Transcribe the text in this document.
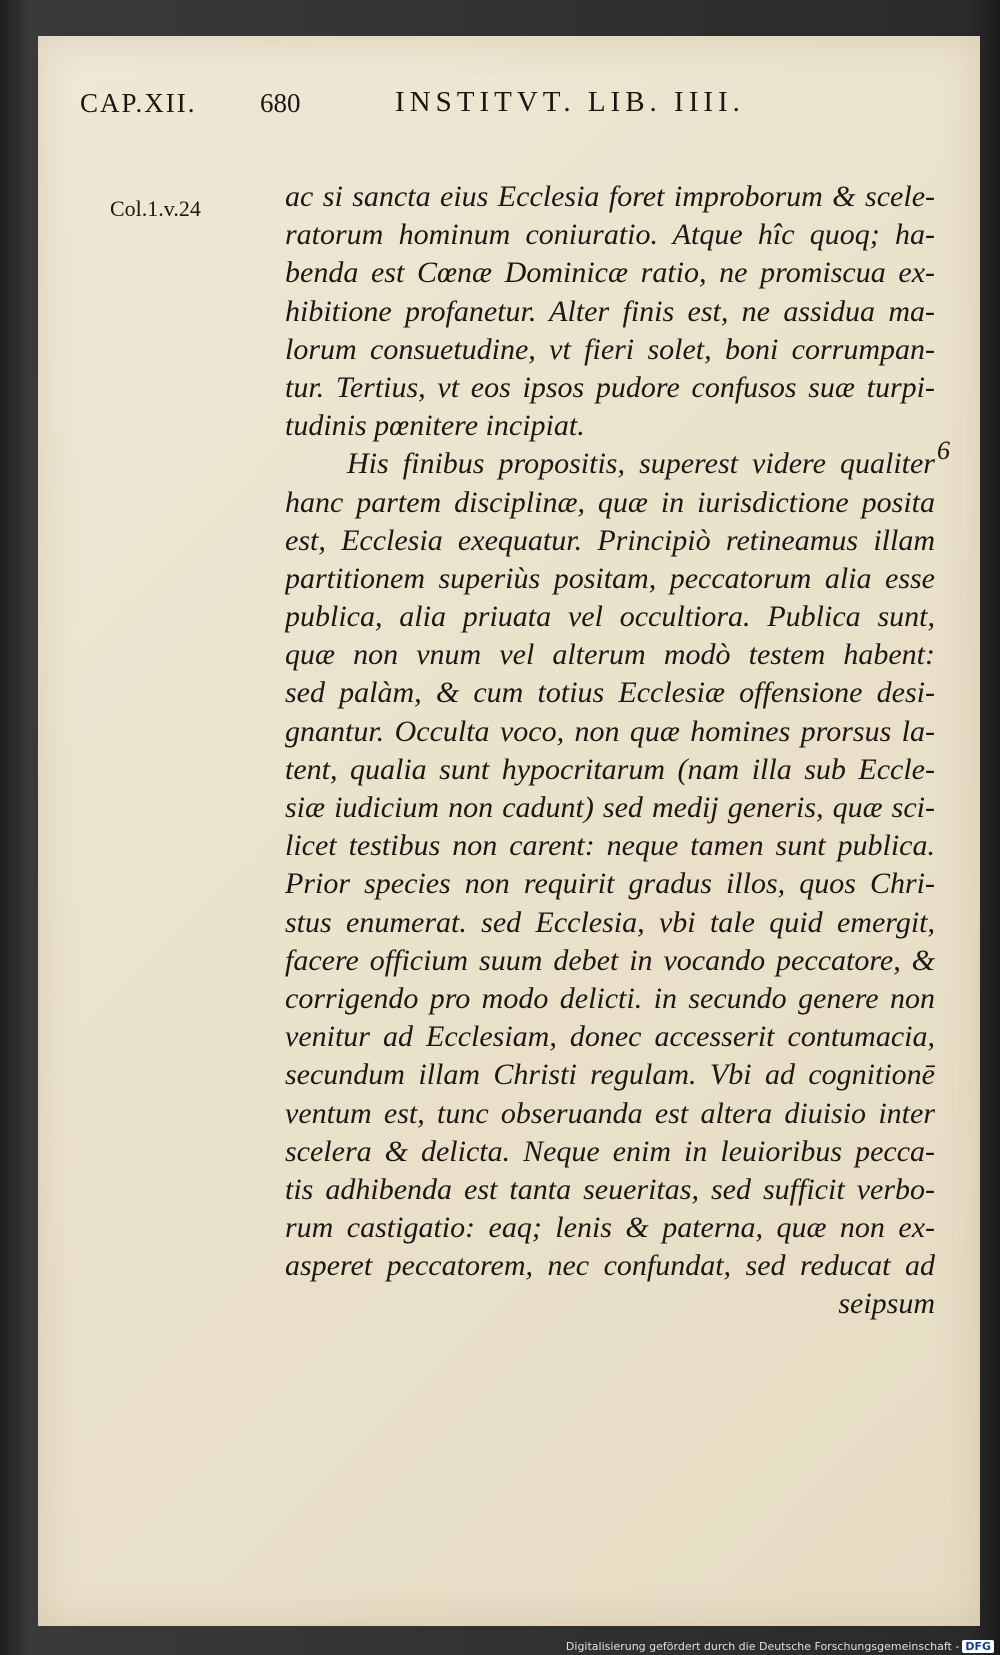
CAP.XII. 680	INSTITVT. LIB. IIII.
Col.1.v.24
6
ac si sancta eius Ecclesia foret improborum & scele-
ratorum hominum coniuratio. Atque hîc quoq; ha-
benda est Cœnæ Dominicæ ratio, ne promiscua ex-
hibitione profanetur. Alter finis est, ne assidua ma-
lorum consuetudine, vt fieri solet, boni corrumpan-
tur. Tertius, vt eos ipsos pudore confusos suæ turpi-
tudinis pœnitere incipiat.
His finibus propositis, superest videre qualiter
hanc partem disciplinæ, quæ in iurisdictione posita
est, Ecclesia exequatur. Principiò retineamus illam
partitionem superiùs positam, peccatorum alia esse
publica, alia priuata vel occultiora. Publica sunt,
quæ non vnum vel alterum modò testem habent:
sed palàm, & cum totius Ecclesiæ offensione desi-
gnantur. Occulta voco, non quæ homines prorsus la-
tent, qualia sunt hypocritarum (nam illa sub Eccle-
siæ iudicium non cadunt) sed medij generis, quæ sci-
licet testibus non carent: neque tamen sunt publica.
Prior species non requirit gradus illos, quos Chri-
stus enumerat. sed Ecclesia, vbi tale quid emergit,
facere officium suum debet in vocando peccatore, &
corrigendo pro modo delicti. in secundo genere non
venitur ad Ecclesiam, donec accesserit contumacia,
secundum illam Christi regulam. Vbi ad cognitionē
ventum est, tunc obseruanda est altera diuisio inter
scelera & delicta. Neque enim in leuioribus pecca-
tis adhibenda est tanta seueritas, sed sufficit verbo-
rum castigatio: eaq; lenis & paterna, quæ non ex-
asperet peccatorem, nec confundat, sed reducat ad
seipsum
Digitalisierung gefördert durch die Deutsche Forschungsgemeinschaft - DFG
